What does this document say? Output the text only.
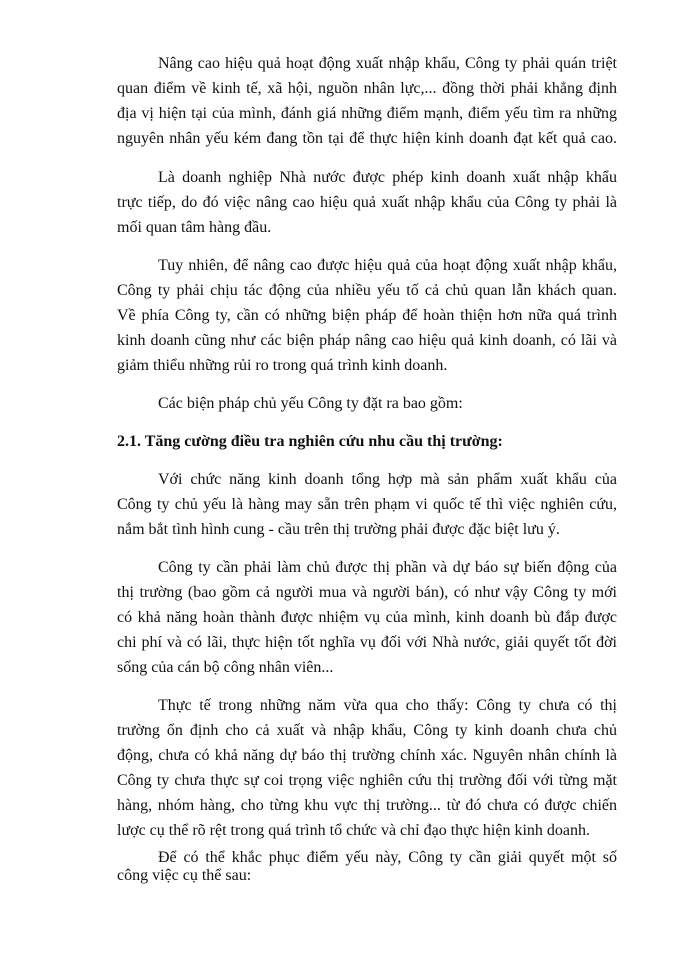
Nâng cao hiệu quả hoạt động xuất nhập khẩu, Công ty phải quán triệt
quan điểm về kinh tế, xã hội, nguồn nhân lực,... đồng thời phải khẳng định
địa vị hiện tại của mình, đánh giá những điểm mạnh, điểm yếu tìm ra những
nguyên nhân yếu kém đang tồn tại để thực hiện kinh doanh đạt kết quả cao.
Là doanh nghiệp Nhà nước được phép kinh doanh xuất nhập khẩu
trực tiếp, do đó việc nâng cao hiệu quả xuất nhập khẩu của Công ty phải là
mối quan tâm hàng đầu.
Tuy nhiên, để nâng cao được hiệu quả của hoạt động xuất nhập khẩu,
Công ty phải chịu tác động của nhiều yếu tố cả chủ quan lẫn khách quan.
Về phía Công ty, cần có những biện pháp để hoàn thiện hơn nữa quá trình
kinh doanh cũng như các biện pháp nâng cao hiệu quả kinh doanh, có lãi và
giảm thiểu những rủi ro trong quá trình kinh doanh.
Các biện pháp chủ yếu Công ty đặt ra bao gồm:
2.1. Tăng cường điều tra nghiên cứu nhu cầu thị trường:
Với chức năng kinh doanh tổng hợp mà sản phẩm xuất khẩu của
Công ty chủ yếu là hàng may sẵn trên phạm vi quốc tế thì việc nghiên cứu,
nắm bắt tình hình cung - cầu trên thị trường phải được đặc biệt lưu ý.
Công ty cần phải làm chủ được thị phần và dự báo sự biến động của
thị trường (bao gồm cả người mua và người bán), có như vậy Công ty mới
có khả năng hoàn thành được nhiệm vụ của mình, kinh doanh bù đắp được
chi phí và có lãi, thực hiện tốt nghĩa vụ đối với Nhà nước, giải quyết tốt đời
sống của cán bộ công nhân viên...
Thực tế trong những năm vừa qua cho thấy: Công ty chưa có thị
trường ổn định cho cả xuất và nhập khẩu, Công ty kinh doanh chưa chủ
động, chưa có khả năng dự báo thị trường chính xác. Nguyên nhân chính là
Công ty chưa thực sự coi trọng việc nghiên cứu thị trường đối với từng mặt
hàng, nhóm hàng, cho từng khu vực thị trường... từ đó chưa có được chiến
lược cụ thể rõ rệt trong quá trình tổ chức và chỉ đạo thực hiện kinh doanh.
Để có thể khắc phục điểm yếu này, Công ty cần giải quyết một số
công việc cụ thể sau:
